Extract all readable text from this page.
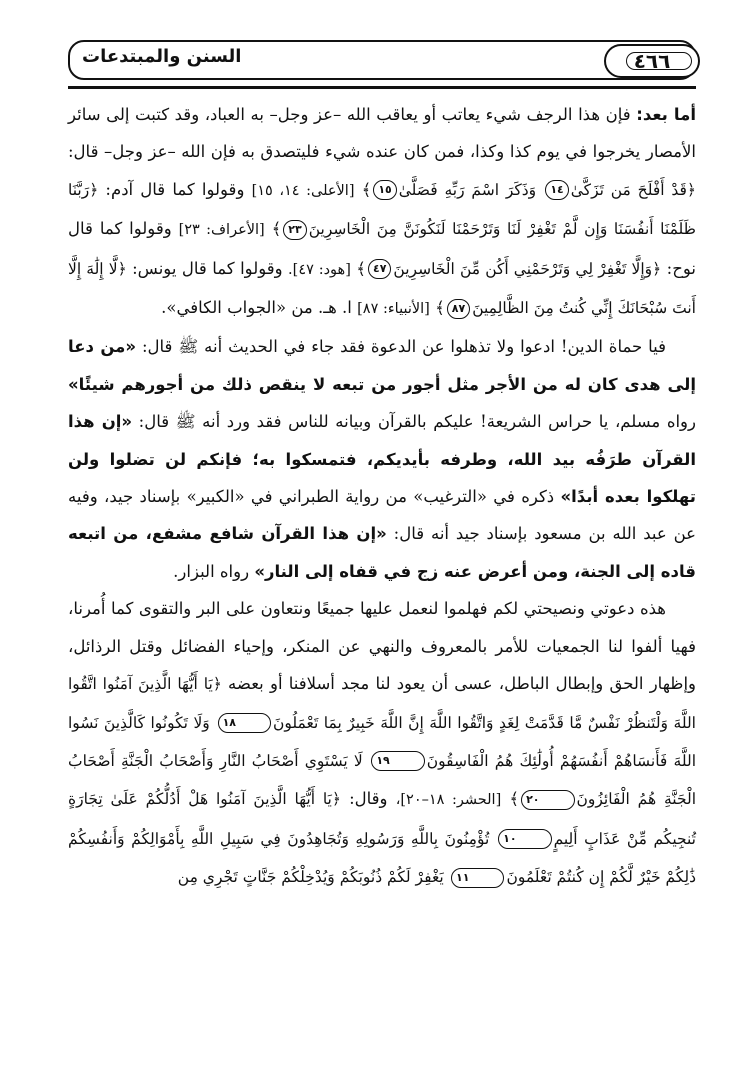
٤٦٦
السنن والمبتدعات

أما بعد: فإن هذا الرجف شيء يعاتب أو يعاقب الله –عز وجل– به العباد، وقد كتبت إلى سائر الأمصار يخرجوا في يوم كذا وكذا، فمن كان عنده شيء فليتصدق به فإن الله –عز وجل– قال: ﴿قَدْ أَفْلَحَ مَن تَزَكَّىٰ١٤ وَذَكَرَ اسْمَ رَبِّهِ فَصَلَّىٰ١٥﴾ [الأعلى: ١٤، ١٥] وقولوا كما قال آدم: ﴿رَبَّنَا ظَلَمْنَا أَنفُسَنَا وَإِن لَّمْ تَغْفِرْ لَنَا وَتَرْحَمْنَا لَنَكُونَنَّ مِنَ الْخَاسِرِينَ٢٣﴾ [الأعراف: ٢٣] وقولوا كما قال نوح: ﴿وَإِلَّا تَغْفِرْ لِي وَتَرْحَمْنِي أَكُن مِّنَ الْخَاسِرِينَ٤٧﴾ [هود: ٤٧]. وقولوا كما قال يونس: ﴿لَّا إِلَٰهَ إِلَّا أَنتَ سُبْحَانَكَ إِنِّي كُنتُ مِنَ الظَّالِمِينَ٨٧﴾ [الأنبياء: ٨٧] ا. هـ. من «الجواب الكافي».

فيا حماة الدين! ادعوا ولا تذهلوا عن الدعوة فقد جاء في الحديث أنه ﷺ قال: «من دعا إلى هدى كان له من الأجر مثل أجور من تبعه لا ينقص ذلك من أجورهم شيئًا» رواه مسلم، يا حراس الشريعة! عليكم بالقرآن وبيانه للناس فقد ورد أنه ﷺ قال: «إن هذا القرآن طرَفُه بيد الله، وطرفه بأيديكم، فتمسكوا به؛ فإنكم لن تضلوا ولن تهلكوا بعده أبدًا» ذكره في «الترغيب» من رواية الطبراني في «الكبير» بإسناد جيد، وفيه عن عبد الله بن مسعود بإسناد جيد أنه قال: «إن هذا القرآن شافع مشفع، من اتبعه قاده إلى الجنة، ومن أعرض عنه زج في قفاه إلى النار» رواه البزار.

هذه دعوتي ونصيحتي لكم فهلموا لنعمل عليها جميعًا ونتعاون على البر والتقوى كما أُمرنا، فهيا ألفوا لنا الجمعيات للأمر بالمعروف والنهي عن المنكر، وإحياء الفضائل وقتل الرذائل، وإظهار الحق وإبطال الباطل، عسى أن يعود لنا مجد أسلافنا أو بعضه ﴿يَا أَيُّهَا الَّذِينَ آمَنُوا اتَّقُوا اللَّهَ وَلْتَنظُرْ نَفْسٌ مَّا قَدَّمَتْ لِغَدٍ وَاتَّقُوا اللَّهَ إِنَّ اللَّهَ خَبِيرٌ بِمَا تَعْمَلُونَ١٨ وَلَا تَكُونُوا كَالَّذِينَ نَسُوا اللَّهَ فَأَنسَاهُمْ أَنفُسَهُمْ أُولَٰئِكَ هُمُ الْفَاسِقُونَ١٩ لَا يَسْتَوِي أَصْحَابُ النَّارِ وَأَصْحَابُ الْجَنَّةِ أَصْحَابُ الْجَنَّةِ هُمُ الْفَائِزُونَ٢٠﴾ [الحشر: ١٨–٢٠]، وقال: ﴿يَا أَيُّهَا الَّذِينَ آمَنُوا هَلْ أَدُلُّكُمْ عَلَىٰ تِجَارَةٍ تُنجِيكُم مِّنْ عَذَابٍ أَلِيمٍ١٠ تُؤْمِنُونَ بِاللَّهِ وَرَسُولِهِ وَتُجَاهِدُونَ فِي سَبِيلِ اللَّهِ بِأَمْوَالِكُمْ وَأَنفُسِكُمْ ذَٰلِكُمْ خَيْرٌ لَّكُمْ إِن كُنتُمْ تَعْلَمُونَ١١ يَغْفِرْ لَكُمْ ذُنُوبَكُمْ وَيُدْخِلْكُمْ جَنَّاتٍ تَجْرِي مِن
